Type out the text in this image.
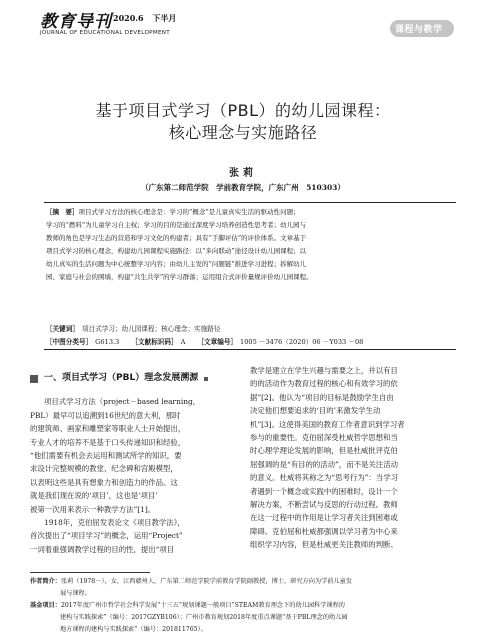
教育导刊 2020.6 下半月
JOURNAL OF EDUCATIONAL DEVELOPMENT	课程与教学
基于项目式学习（PBL）的幼儿园课程：
核心理念与实施路径
张莉
（广东第二师范学院　学前教育学院，广东广州　510303）
［摘　要］项目式学习方法的核心理念是：学习的“概念”是儿童真实生活的驱动性问题；
学习的“燃料”为儿童学习自主权；学习的目的是通过深度学习培养创造性思考者；幼儿园与
教师的角色是学习生态的营造和学习文化的构建者；具有“手脚评估”的评价体系。文章基于
项目式学习的核心理念，构建幼儿园课程实施路径：以“多向联动”途径设计幼儿园课程；以
幼儿真实的生活问题为中心统整学习内容；由幼儿主发的“问题链”推进学习进程；拆解幼儿
园、家庭与社会的围墙，构建“共生共学”的学习群落；运用组合式评价量规评价幼儿园课程。
［关键词］ 项目式学习；幼儿园课程；核心理念；实施路径
［中图分类号］ G613.3 ［文献标识码］ A ［文章编号］ 1005 －3476（2020）06 －Y033 －08
一、项目式学习（PBL）理念发展溯源
项目式学习方法（project－based learning，
PBL）最早可以追溯到16世纪的意大利，那时
的建筑师、画家和雕塑家等职业人士开始提出，
专业人才的培养不是基于口头传递知识和经验，
“他们需要有机会去运用和测试所学的知识，要
求设计完整规模的教堂、纪念碑和宫殿模型，
以表明这些是具有想象力和创造力的作品。这
就是我们现在说的‘项目’，这也是‘项目’
被第一次用来表示一种教学方法”[1]。
1918年，克伯屈发表论文《项目教学法》，
首次提出了“项目学习”的概念，运用“Project”
一词着重强调教学过程的目的性，提出“项目
教学是建立在学生兴趣与需要之上，并以有目
的的活动作为教育过程的核心和有效学习的依
据”[2]。他认为“项目的目标是鼓励学生自由
决定他们想要追求的‘目的’来激发学生动
机”[3]。这使得美国的教育工作者意识到学习者
参与的重要性。克伯屈深受杜威哲学思想和当
时心理学理论发展的影响，但是杜威批评克伯
屈强调的是“有目的的活动”，而不是关注活动
的意义。杜威将其称之为“思考行为”：当学习
者遇到一个概念或实践中的困难时，设计一个
解决方案，不断尝试与反思的行动过程。教师
在这一过程中的作用是让学习者关注到困难或
障碍。克伯屈和杜威都强调以学习者为中心来
组织学习内容，但是杜威更关注教师的判断、
作者简介：张莉（1978－），女，江西赣州人，广东第二师范学院学前教育学院副教授，博士，研究方向为学前儿童发
展与课程。
基金项目：2017年度广州市哲学社会科学发展“十三五”规划课题一般项目“STEAM教育理念下的幼儿园科学课程的
建构与实践探索”（编号：2017GZYB106）；广州市教育规划2018年度重点课题“基于PBL理念的幼儿园
地方课程的建构与实践探索”（编号：201811765）。
